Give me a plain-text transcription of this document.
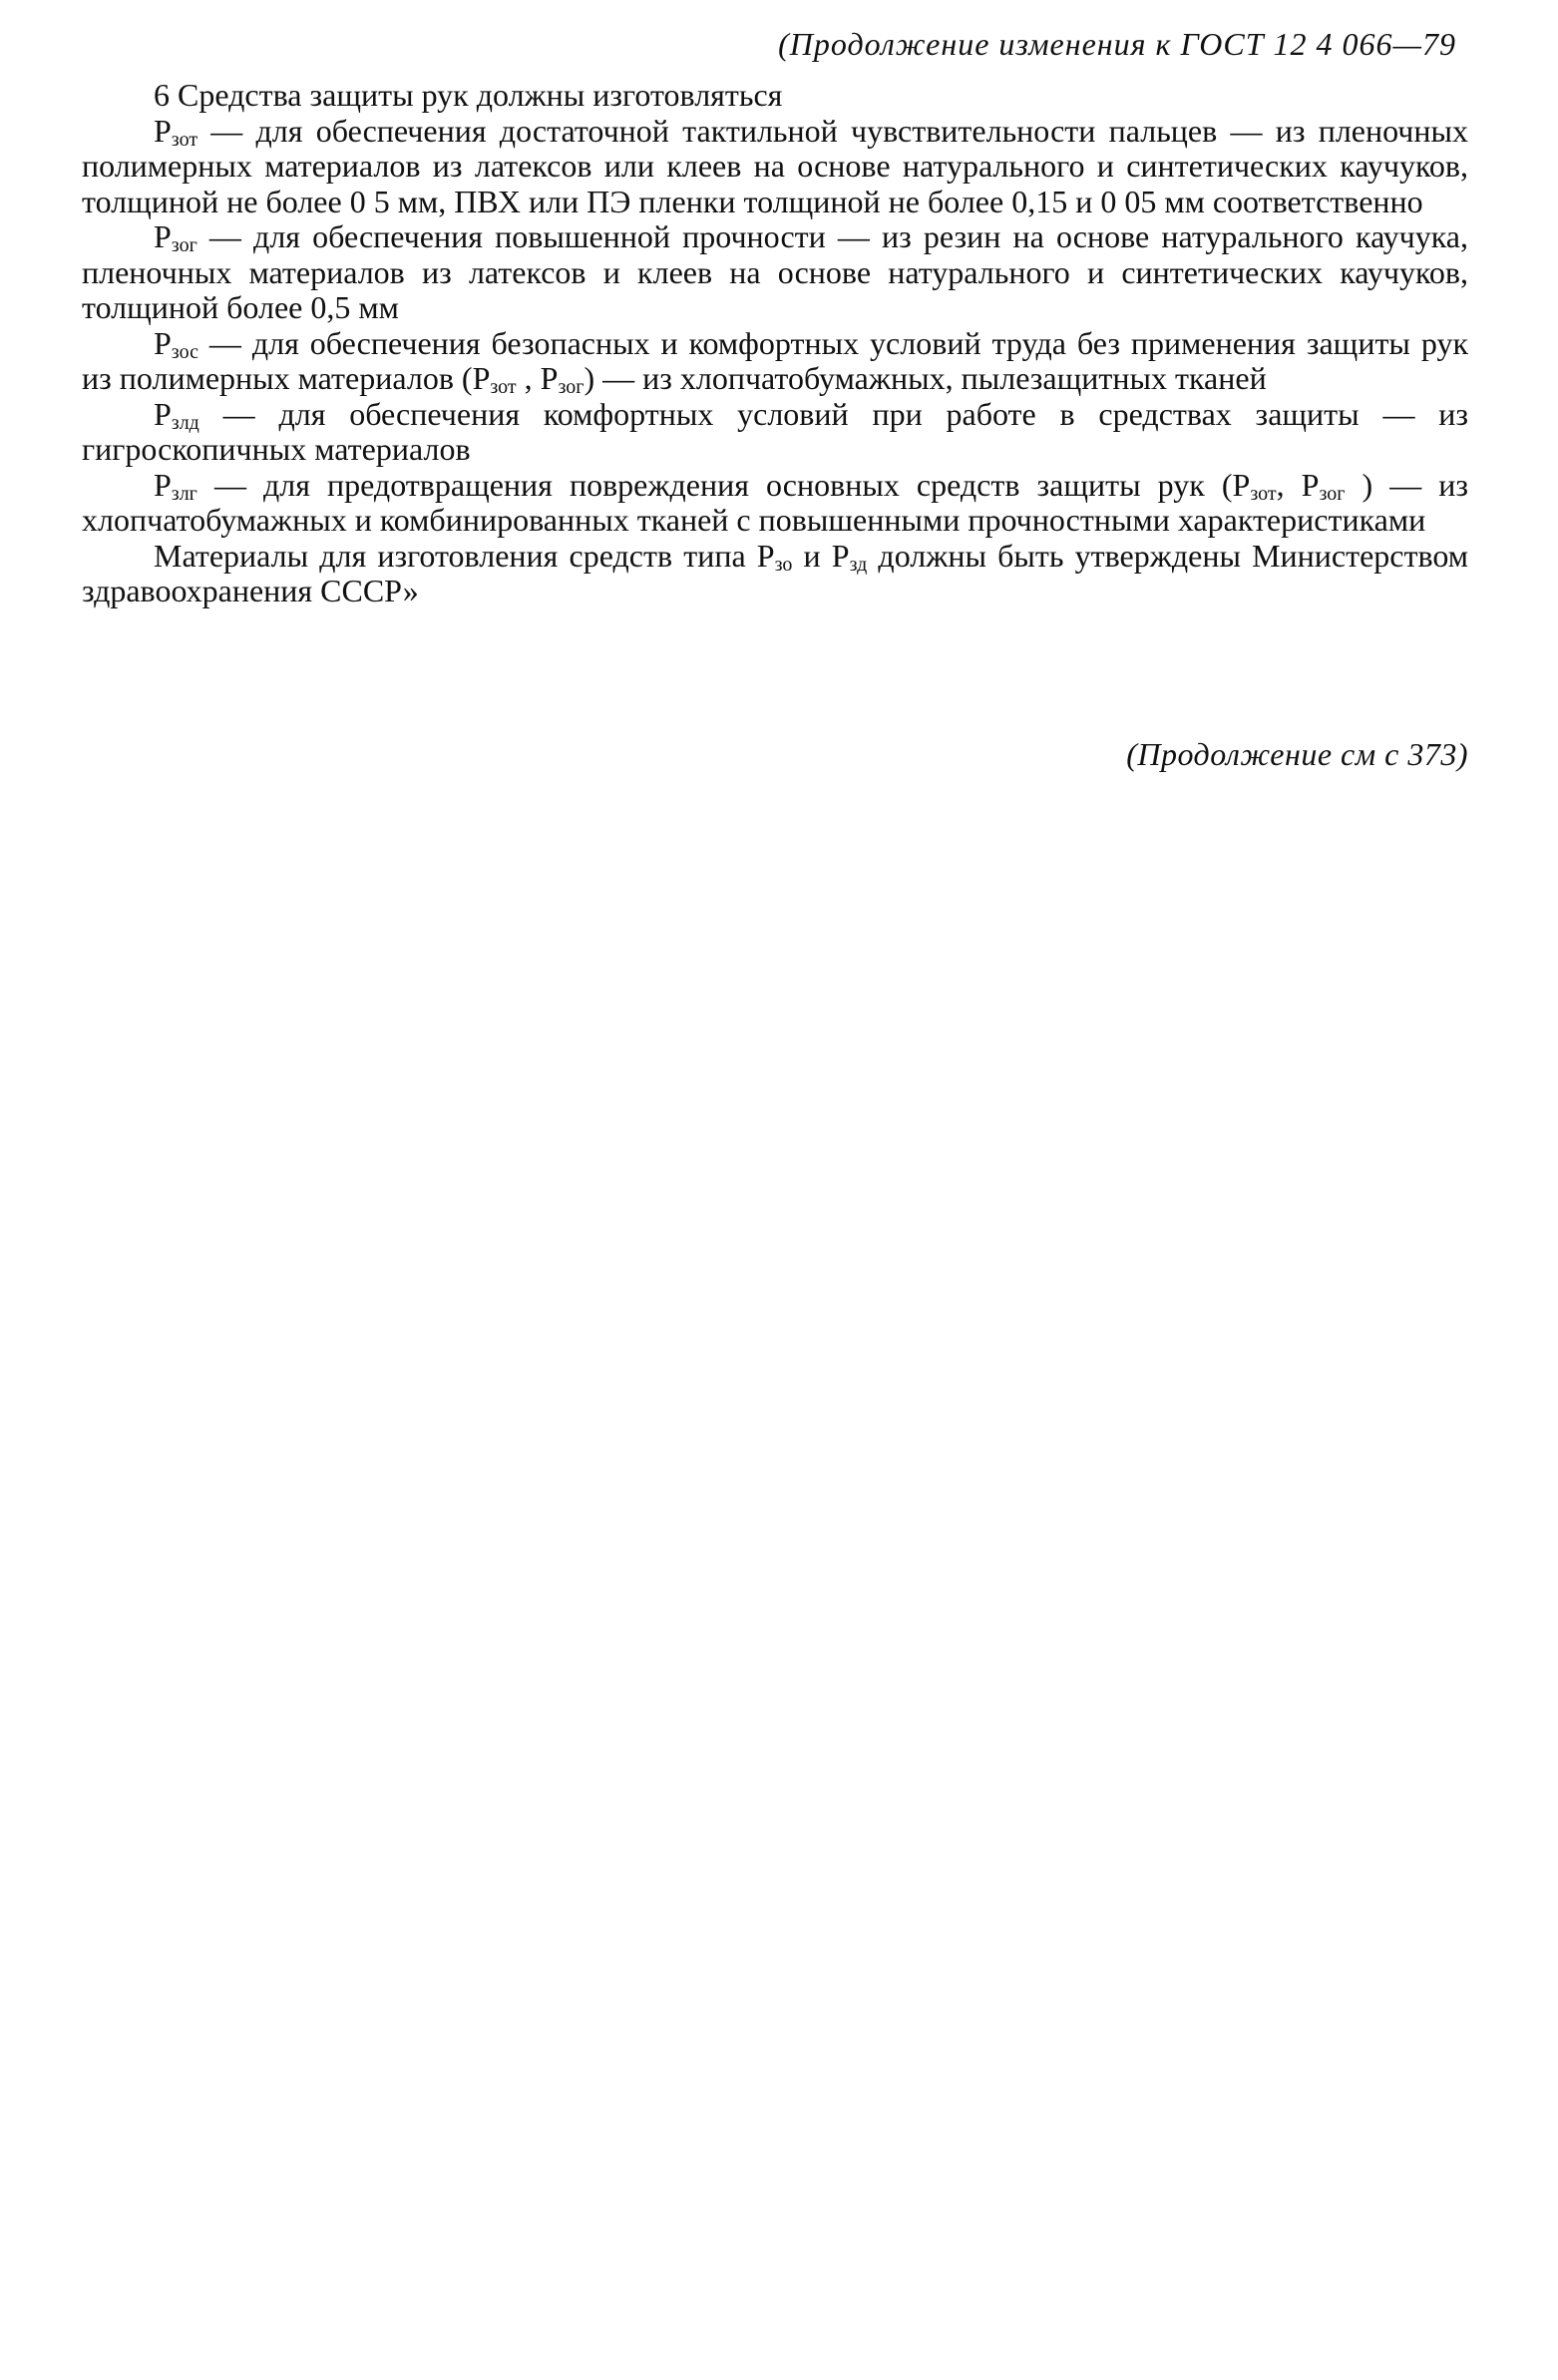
(Продолжение изменения к ГОСТ 12 4 066—79

6 Средства защиты рук должны изготовляться

$Р_{зот}$ — для обеспечения достаточной тактильной чувствительности пальцев — из пленочных полимерных материалов из латексов или клеев на основе натурального и синтетических каучуков, толщиной не более 0 5 мм, ПВХ или ПЭ пленки толщиной не более 0,15 и 0 05 мм соответственно

$Р_{зог}$ — для обеспечения повышенной прочности — из резин на основе натурального каучука, пленочных материалов из латексов и клеев на основе натурального и синтетических каучуков, толщиной более 0,5 мм

$Р_{зос}$ — для обеспечения безопасных и комфортных условий труда без применения защиты рук из полимерных материалов ($Р_{зот}$ , $Р_{зог}$) — из хлопчатобумажных, пылезащитных тканей

$Р_{злд}$ — для обеспечения комфортных условий при работе в средствах защиты — из гигроскопичных материалов

$Р_{злг}$ — для предотвращения повреждения основных средств защиты рук ($Р_{зот}$, $Р_{зог}$ ) — из хлопчатобумажных и комбинированных тканей с повышенными прочностными характеристиками

Материалы для изготовления средств типа $Р_{зо}$ и $Р_{зд}$ должны быть утверждены Министерством здравоохранения СССР»

(Продолжение см с 373)
